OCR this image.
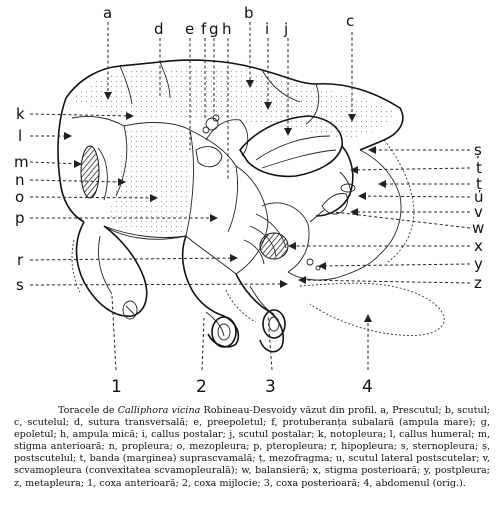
a	b	c
d e f g h i j
k
l
m
n
o
p
r
s
ș
t
ț
u
v
w
x
y
z
1	2	3	4
Toracele de Calliphora vicina Robineau-Desvoidy văzut din profil. a, Prescutul; b, scutul; c, scutelul; d, sutura transversală; e, preepoletul; f, protuberanța subalară (ampula mare); g, epoletul; h, ampula mică; i, callus postalar; j, scutul postalar; k, notopleura; l, callus humeral; m, stigma anterioară; n, propleura; o, mezopleura; p, pteropleura; r, hipopleura; s, sternopleura; ș, postscutelul; t, banda (marginea) suprascvamală; ț, mezofragma; u, scutul lateral postscutelar; v, scvamopleura (convexitatea scvamopleurală); w, balansieră; x, stigma posterioară; y, postpleura; z, metapleura; 1, coxa anterioară; 2, coxa mijlocie; 3, coxa posterioară; 4, abdomenul (orig.).
